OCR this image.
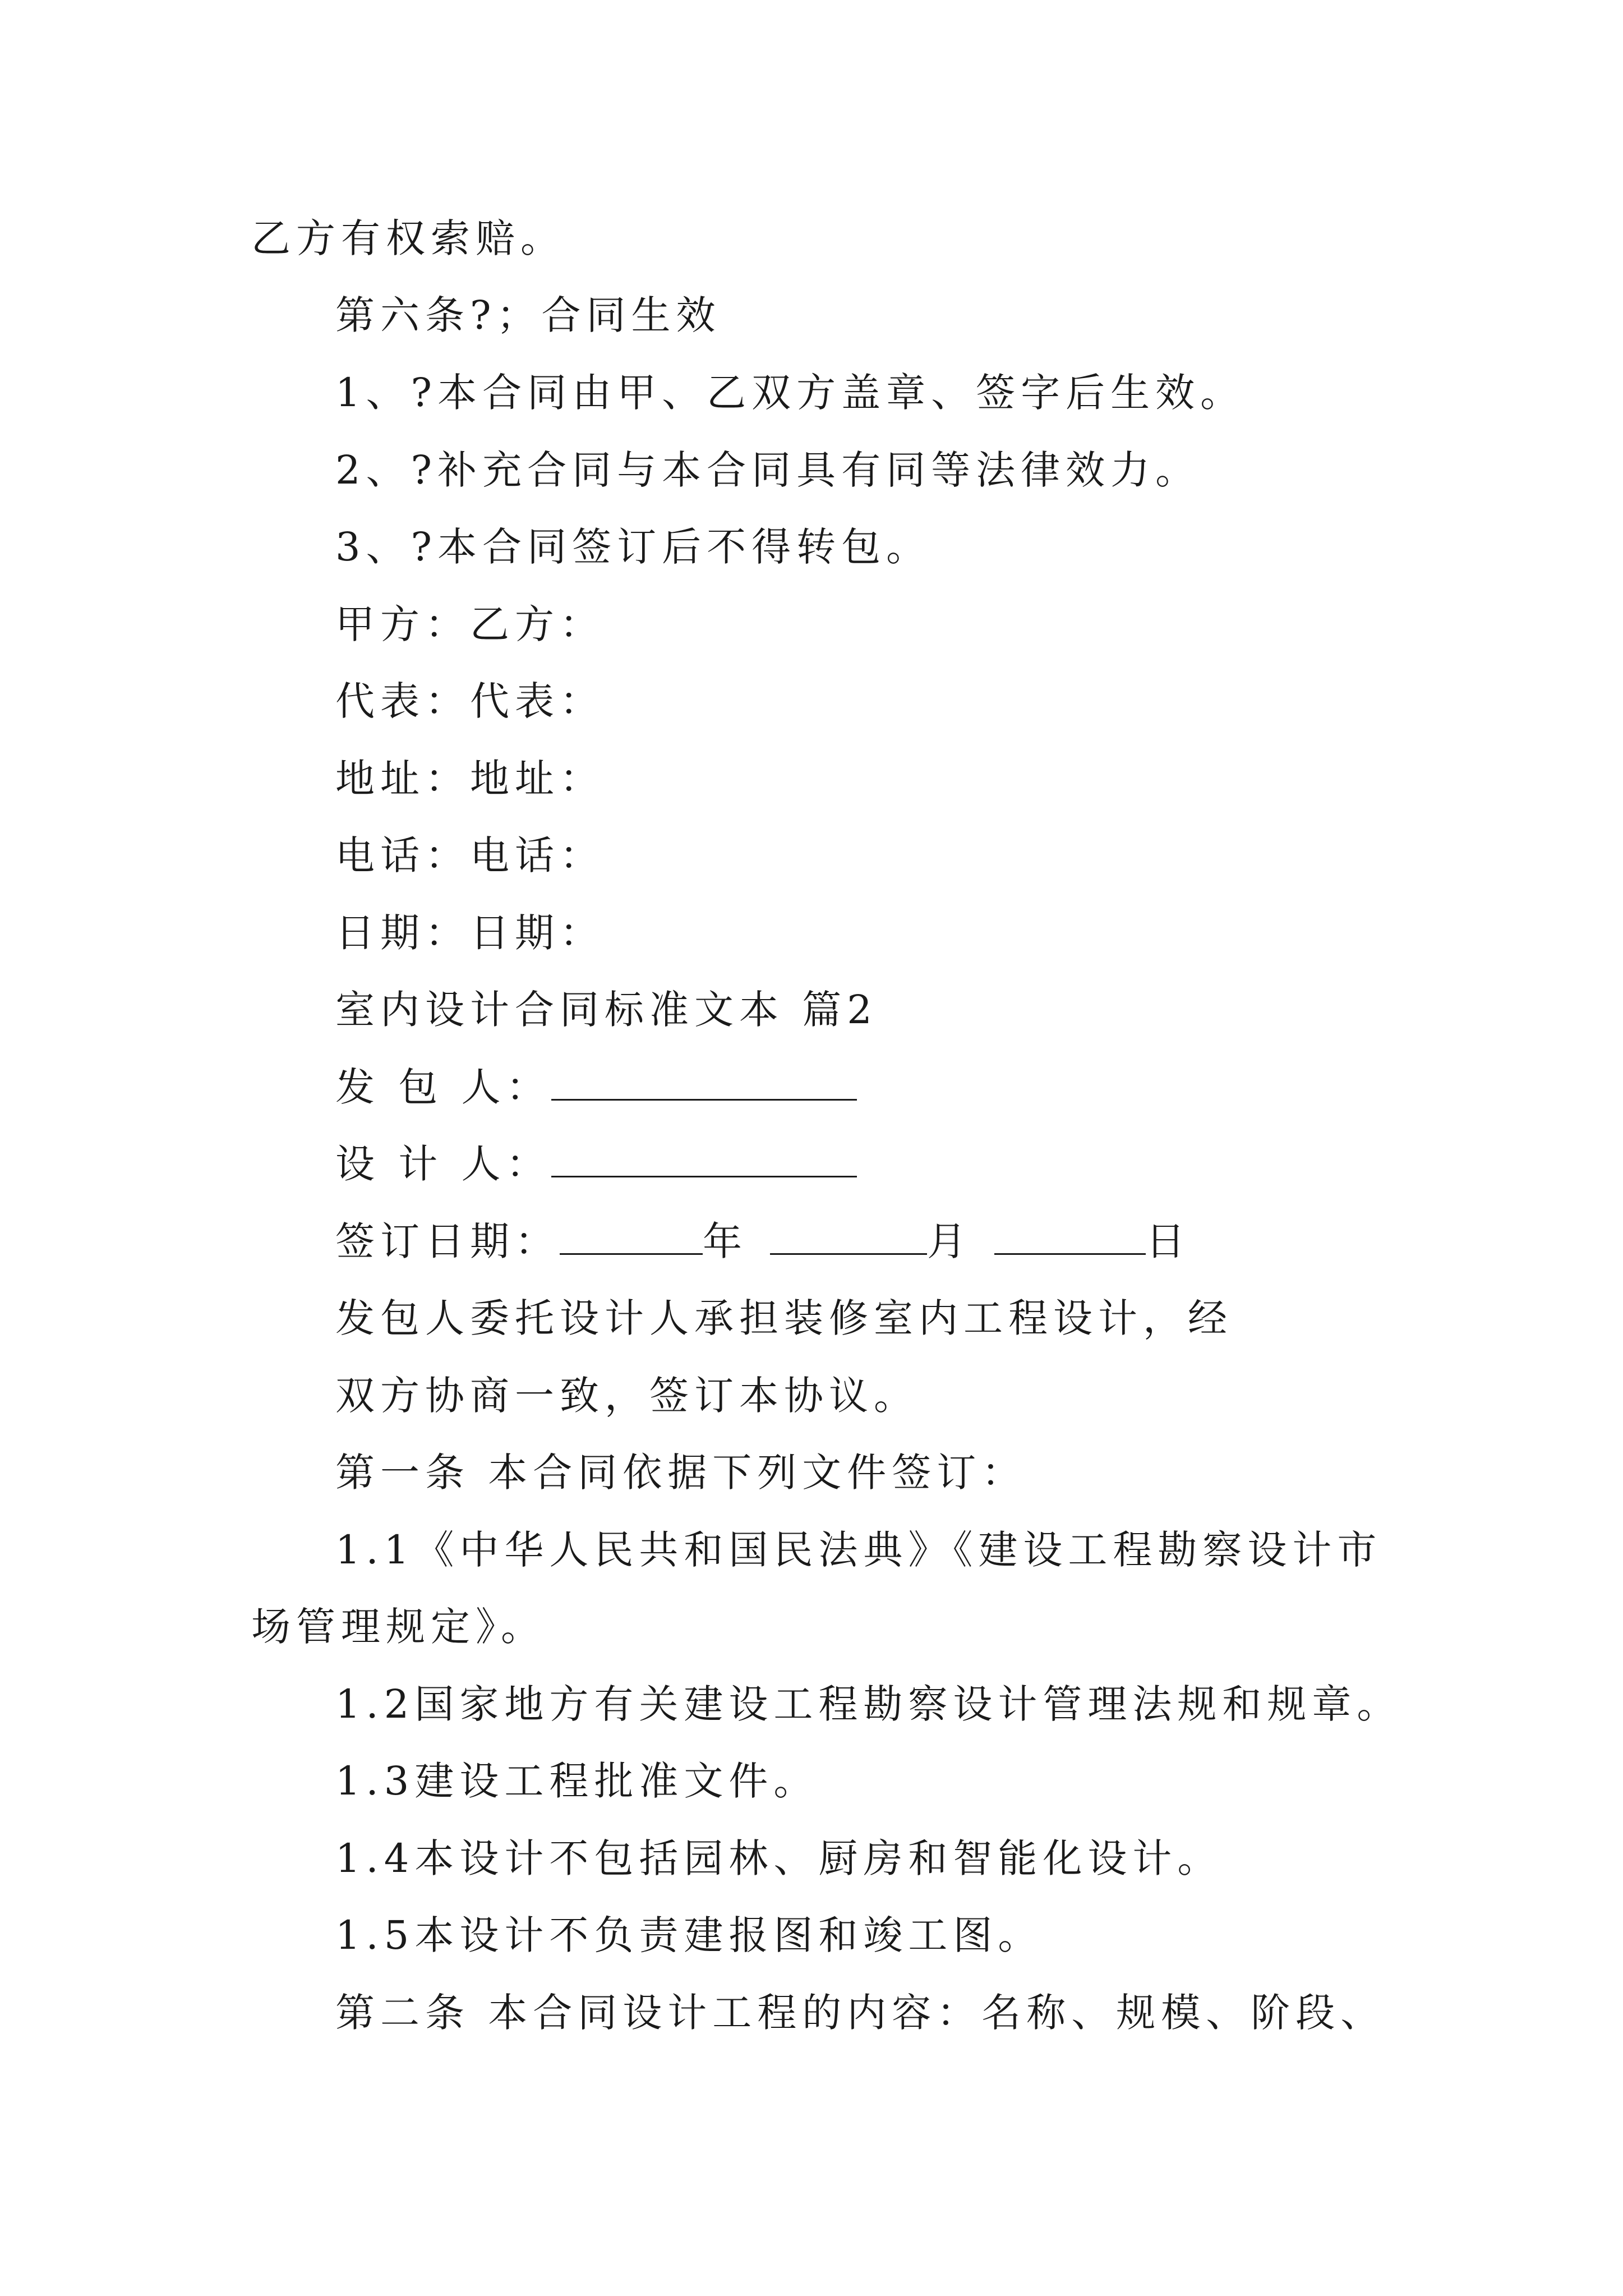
乙方有权索赔。
第六条?；合同生效
1、?本合同由甲、乙双方盖章、签字后生效。
2、?补充合同与本合同具有同等法律效力。
3、?本合同签订后不得转包。
甲方：乙方：
代表：代表：
地址：地址：
电话：电话：
日期：日期：
室内设计合同标准文本 篇2
发 包 人：
设 计 人：
签订日期：	年	月	日
发包人委托设计人承担装修室内工程设计，经
双方协商一致，签订本协议。
第一条 本合同依据下列文件签订：
1.1《中华人民共和国民法典》《建设工程勘察设计市
场管理规定》。
1.2国家地方有关建设工程勘察设计管理法规和规章。
1.3建设工程批准文件。
1.4本设计不包括园林、厨房和智能化设计。
1.5本设计不负责建报图和竣工图。
第二条 本合同设计工程的内容：名称、规模、阶段、
